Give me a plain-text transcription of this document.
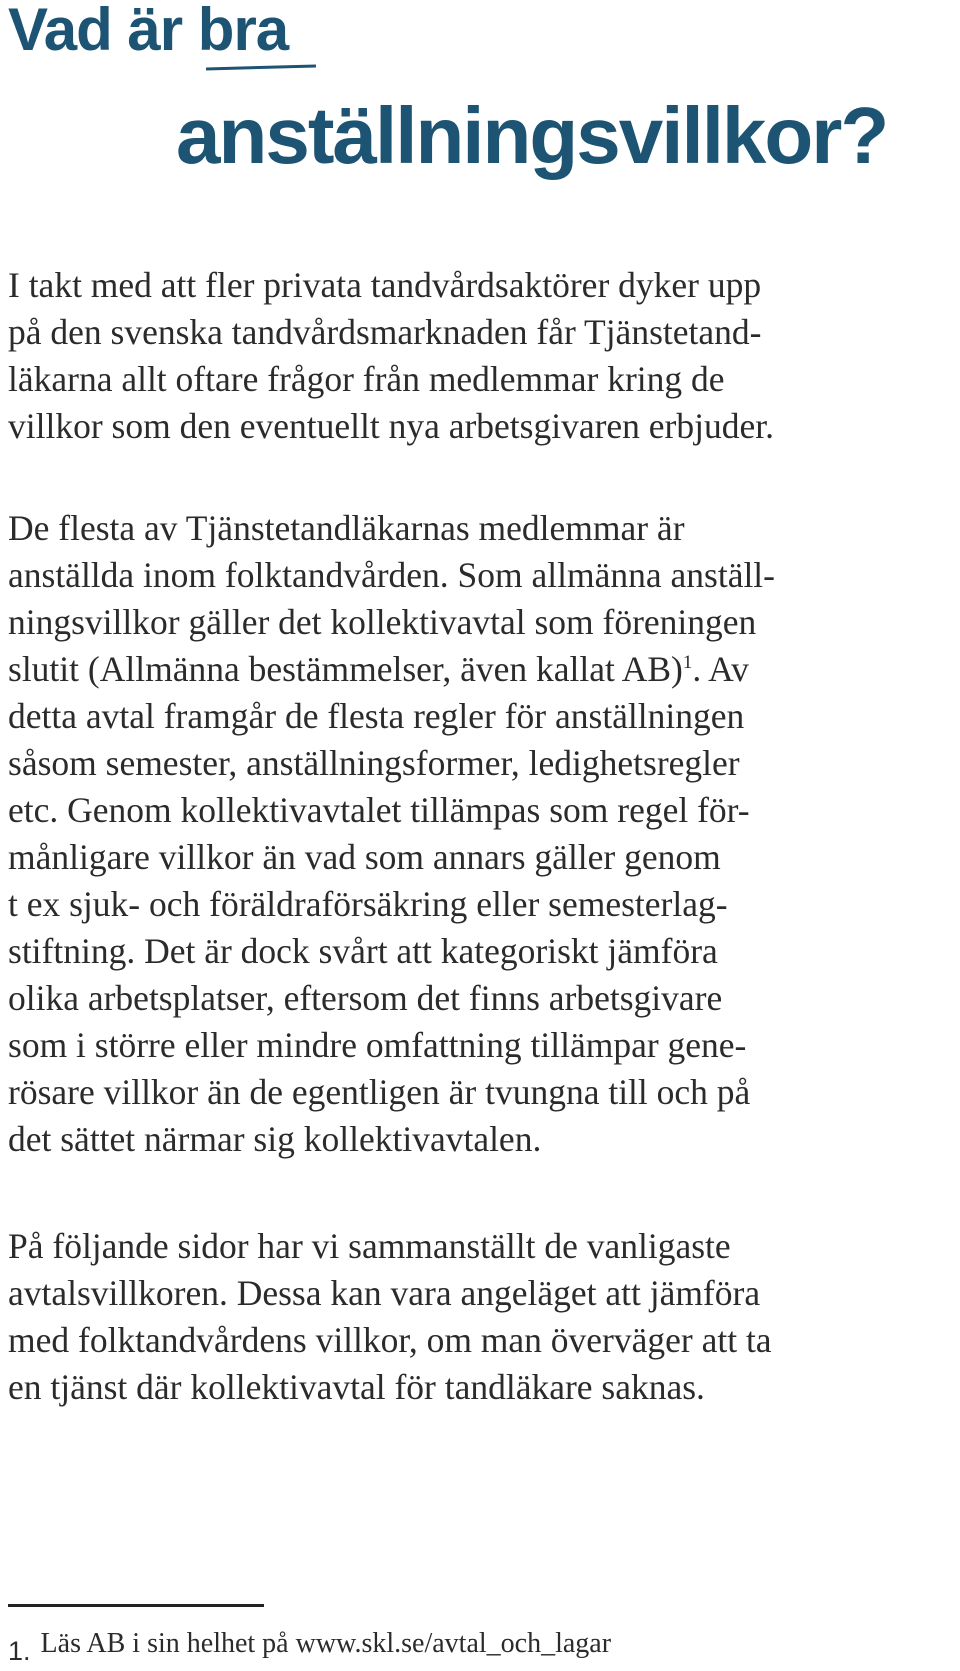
Vad är bra
anställningsvillkor?

I takt med att fler privata tandvårdsaktörer dyker upp
på den svenska tandvårdsmarknaden får Tjänstetand-
läkarna allt oftare frågor från medlemmar kring de
villkor som den eventuellt nya arbetsgivaren erbjuder.

De flesta av Tjänstetandläkarnas medlemmar är
anställda inom folktandvården. Som allmänna anställ-
ningsvillkor gäller det kollektivavtal som föreningen
slutit (Allmänna bestämmelser, även kallat AB)$^1$. Av
detta avtal framgår de flesta regler för anställningen
såsom semester, anställningsformer, ledighetsregler
etc. Genom kollektivavtalet tillämpas som regel för-
månligare villkor än vad som annars gäller genom
t ex sjuk- och föräldraförsäkring eller semesterlag-
stiftning. Det är dock svårt att kategoriskt jämföra
olika arbetsplatser, eftersom det finns arbetsgivare
som i större eller mindre omfattning tillämpar gene-
rösare villkor än de egentligen är tvungna till och på
det sättet närmar sig kollektivavtalen.

På följande sidor har vi sammanställt de vanligaste
avtalsvillkoren. Dessa kan vara angeläget att jämföra
med folktandvårdens villkor, om man överväger att ta
en tjänst där kollektivavtal för tandläkare saknas.

1. Läs AB i sin helhet på www.skl.se/avtal_och_lagar
